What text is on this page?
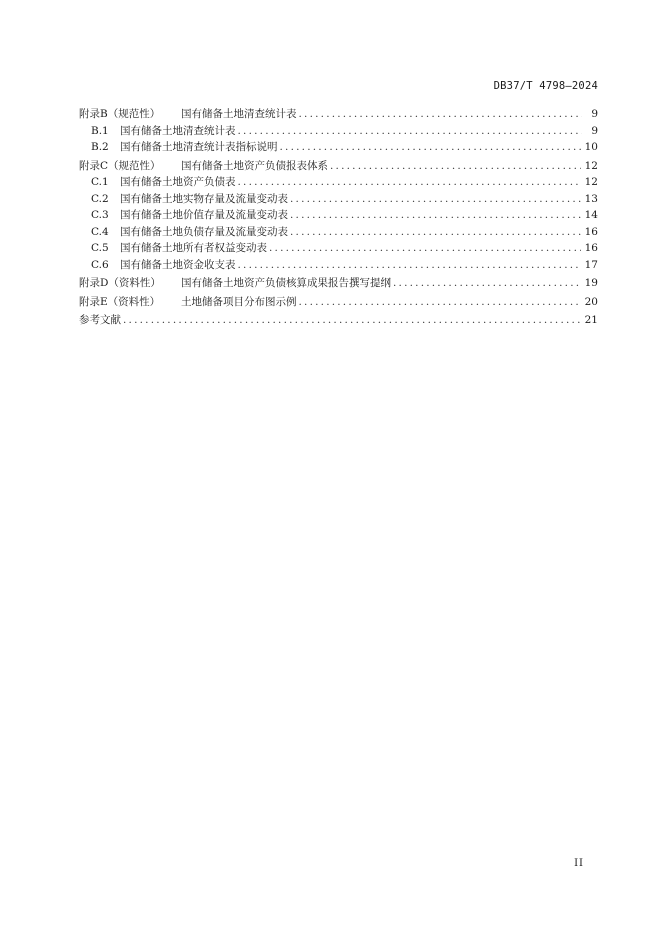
DB37/T 4798—2024
附录B（规范性）	国有储备土地清查统计表 .....	9
B.1	国有储备土地清查统计表 .....	9
B.2	国有储备土地清查统计表指标说明 .....	10
附录C（规范性）	国有储备土地资产负债报表体系 .....	12
C.1	国有储备土地资产负债表 .....	12
C.2	国有储备土地实物存量及流量变动表 .....	13
C.3	国有储备土地价值存量及流量变动表 .....	14
C.4	国有储备土地负债存量及流量变动表 .....	16
C.5	国有储备土地所有者权益变动表 .....	16
C.6	国有储备土地资金收支表 .....	17
附录D（资料性）	国有储备土地资产负债核算成果报告撰写提纲 .....	19
附录E（资料性）	土地储备项目分布图示例 .....	20
参考文献 .....	21
II
